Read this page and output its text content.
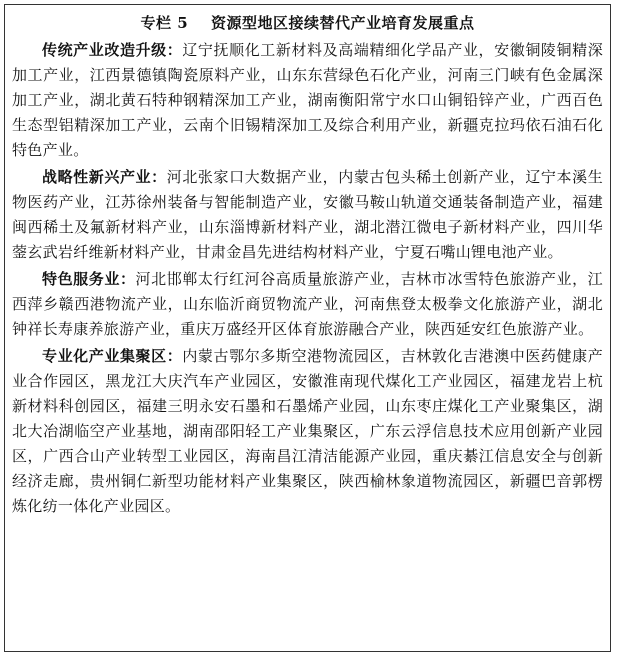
专栏 5    资源型地区接续替代产业培育发展重点

传统产业改造升级：辽宁抚顺化工新材料及高端精细化学品产业，安徽铜陵铜精深加工产业，江西景德镇陶瓷原料产业，山东东营绿色石化产业，河南三门峡有色金属深加工产业，湖北黄石特种钢精深加工产业，湖南衡阳常宁水口山铜铅锌产业，广西百色生态型铝精深加工产业，云南个旧锡精深加工及综合利用产业，新疆克拉玛依石油石化特色产业。

战略性新兴产业：河北张家口大数据产业，内蒙古包头稀土创新产业，辽宁本溪生物医药产业，江苏徐州装备与智能制造产业，安徽马鞍山轨道交通装备制造产业，福建闽西稀土及氟新材料产业，山东淄博新材料产业，湖北潜江微电子新材料产业，四川华蓥玄武岩纤维新材料产业，甘肃金昌先进结构材料产业，宁夏石嘴山锂电池产业。

特色服务业：河北邯郸太行红河谷高质量旅游产业，吉林市冰雪特色旅游产业，江西萍乡赣西港物流产业，山东临沂商贸物流产业，河南焦登太极拳文化旅游产业，湖北钟祥长寿康养旅游产业，重庆万盛经开区体育旅游融合产业，陕西延安红色旅游产业。

专业化产业集聚区：内蒙古鄂尔多斯空港物流园区，吉林敦化吉港澳中医药健康产业合作园区，黑龙江大庆汽车产业园区，安徽淮南现代煤化工产业园区，福建龙岩上杭新材料科创园区，福建三明永安石墨和石墨烯产业园，山东枣庄煤化工产业聚集区，湖北大冶湖临空产业基地，湖南邵阳轻工产业集聚区，广东云浮信息技术应用创新产业园区，广西合山产业转型工业园区，海南昌江清洁能源产业园，重庆綦江信息安全与创新经济走廊，贵州铜仁新型功能材料产业集聚区，陕西榆林象道物流园区，新疆巴音郭楞炼化纺一体化产业园区。
